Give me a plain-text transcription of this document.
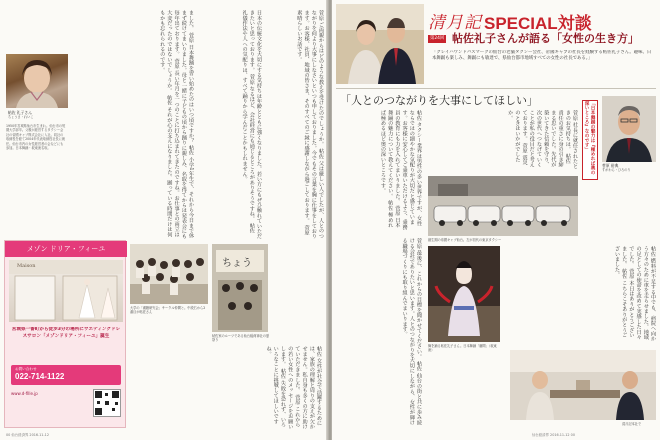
帖佐 礼子さん
ちょうさ・れいこ
1950年宮城県仙台市生まれ。仙台市の短期大学部卒。父親が経営するタクシー会社の帝國キャブ株式会社に入社。同社の取締役を経て2004年代表取締役社長に就任。仙台市内の女性経営者の会などにも参加。日本舞踊・坂東流名取。
メゾン ドリア・フィーユ
Maison
宮城県一番町から徒歩3分の場所にウエディングドレスサロン「メゾンドリア・フィーユ」誕生
お問い合わせ
022-714-1122
www.d-fille.jp
ました。 菅原 日本舞踊を習い始めたのはいつ頃ですか？ 帖佐 小学1年生で、それから今日まで休まず続けてまいりました。母と一緒に子どもの頃から踊りに親しみ、名取を得てからは発表会にも毎年出ております。 菅原 長い年月を一つのことに打ち込まれてきたのですね。お仕事との両立は大変だったのではないでしょうか。 帖佐 それが心の支えになりました。踊っている時間だけは何もかも忘れられるのです。	日本の伝統文化を大切にする気持ちは年齢とともに強くなりました。若い方にもぜひ触れていただきたいと思っております。 菅原 なるほど、会社経営にも通じるところがありそうですね。 帖佐 礼儀作法や人への気配りは、すべて踊りから学んだことかもしれません。	菅原 ご両親からはどのような教えを受けたのでしょうか。 帖佐 父は厳しい人でしたが、人とのつながりを何より大事にしなさいといつも申しておりました。今でもその言葉を胸に仕事をしております。お客様、社員、地域の皆さま、そのすべてのご縁に感謝しながら過ごしております。 菅原 素晴らしいお話です。
大学の「漢籍研究会」サークル仲間と。中段右から2番目が帖佐さん
ちょう
帖佐家のルーツである仙台稲荷神社の夏祭り
帖佐 女性が社会で活躍するためには、家族の理解と周りの支えが欠かせません。私自身も多くの方に助けていただきました。 菅原 これからの若い女性へのメッセージをお願いします。 帖佐 失敗を恐れず、いろいろなことに挑戦してほしいですね。
00 仙台経済界 2016.11-12
清月記 SPECIAL対談
第24回 帖佐礼子さんが語る「女性の生き方」
「グレイハウンドバスマークの仙台の老舗タクシー会社、帝國キャブの社長を経験する帖佐礼子さん。趣味、日本舞踊も楽しみ、舞踊にも敏達で、県仙台都市地域すべての女性の社長である。」
「人とのつながりを大事にしてほしい」
菅原 裕典
すがわら・ひろのり
「日本舞踊の魅力は『極めれば奥の深いところ』なのです」
帖佐 タクシー業界は男性の多い世界ですが、女性ならではの細やかな気配りが大切だと感じています。お客様に安心してご乗車いただけるよう、乗務員の教育にも力を入れてまいりました。 菅原 日本舞踊の魅力について教えてください。 帖佐 極めれば極めるほど奥の深いところです。	菅原 社長に就任されたときのお気持ちは。 帖佐 責任の重さに身の引き締まる思いでした。先代が築いてきた信頼を守り、次の世代へつなげていくことが私の役目だと考えております。 菅原 震災のときはいかがでしたか。
創生期の帝國キャブ仙台。左が初代の東京タクシー
舞を踊る帖佐礼子さん。日本舞踊「藤間」（坂東流）
帖佐 燃料が不足する中でも、病院へ向かう方々のために車を走らせました。地域の足としての使命を改めて実感した日々でした。 菅原 本日はありがとうございました。 帖佐 こちらこそありがとうございました。
菅原 最後に、これからの目標を聞かせてください。 帖佐 仙台の街と共に歩み続ける会社でありたいと思います。人とのつながりを大切にしながら、女性が輝ける職場づくりにも取り組んでまいります。
清月記本社で
仙台経済界 2016.11-12 00
